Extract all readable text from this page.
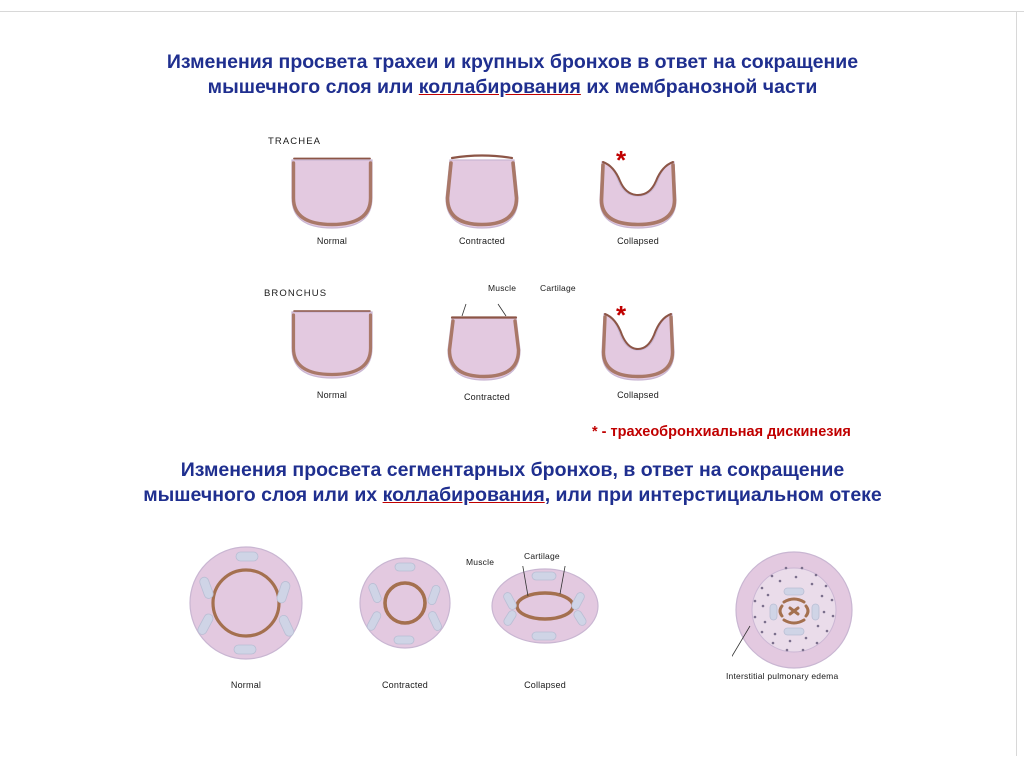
Изменения просвета трахеи и крупных бронхов в ответ на сокращение
мышечного слоя или коллабирования их мембранозной части
TRACHEA
BRONCHUS
Normal	Contracted
*
Collapsed
Normal
Muscle	Cartilage
Contracted
*
Collapsed
* - трахеобронхиальная дискинезия
Изменения просвета сегментарных бронхов, в ответ на сокращение
мышечного слоя или их коллабирования, или при интерстициальном отеке
Normal	Contracted
Muscle
Cartilage
Collapsed
Interstitial pulmonary edema
